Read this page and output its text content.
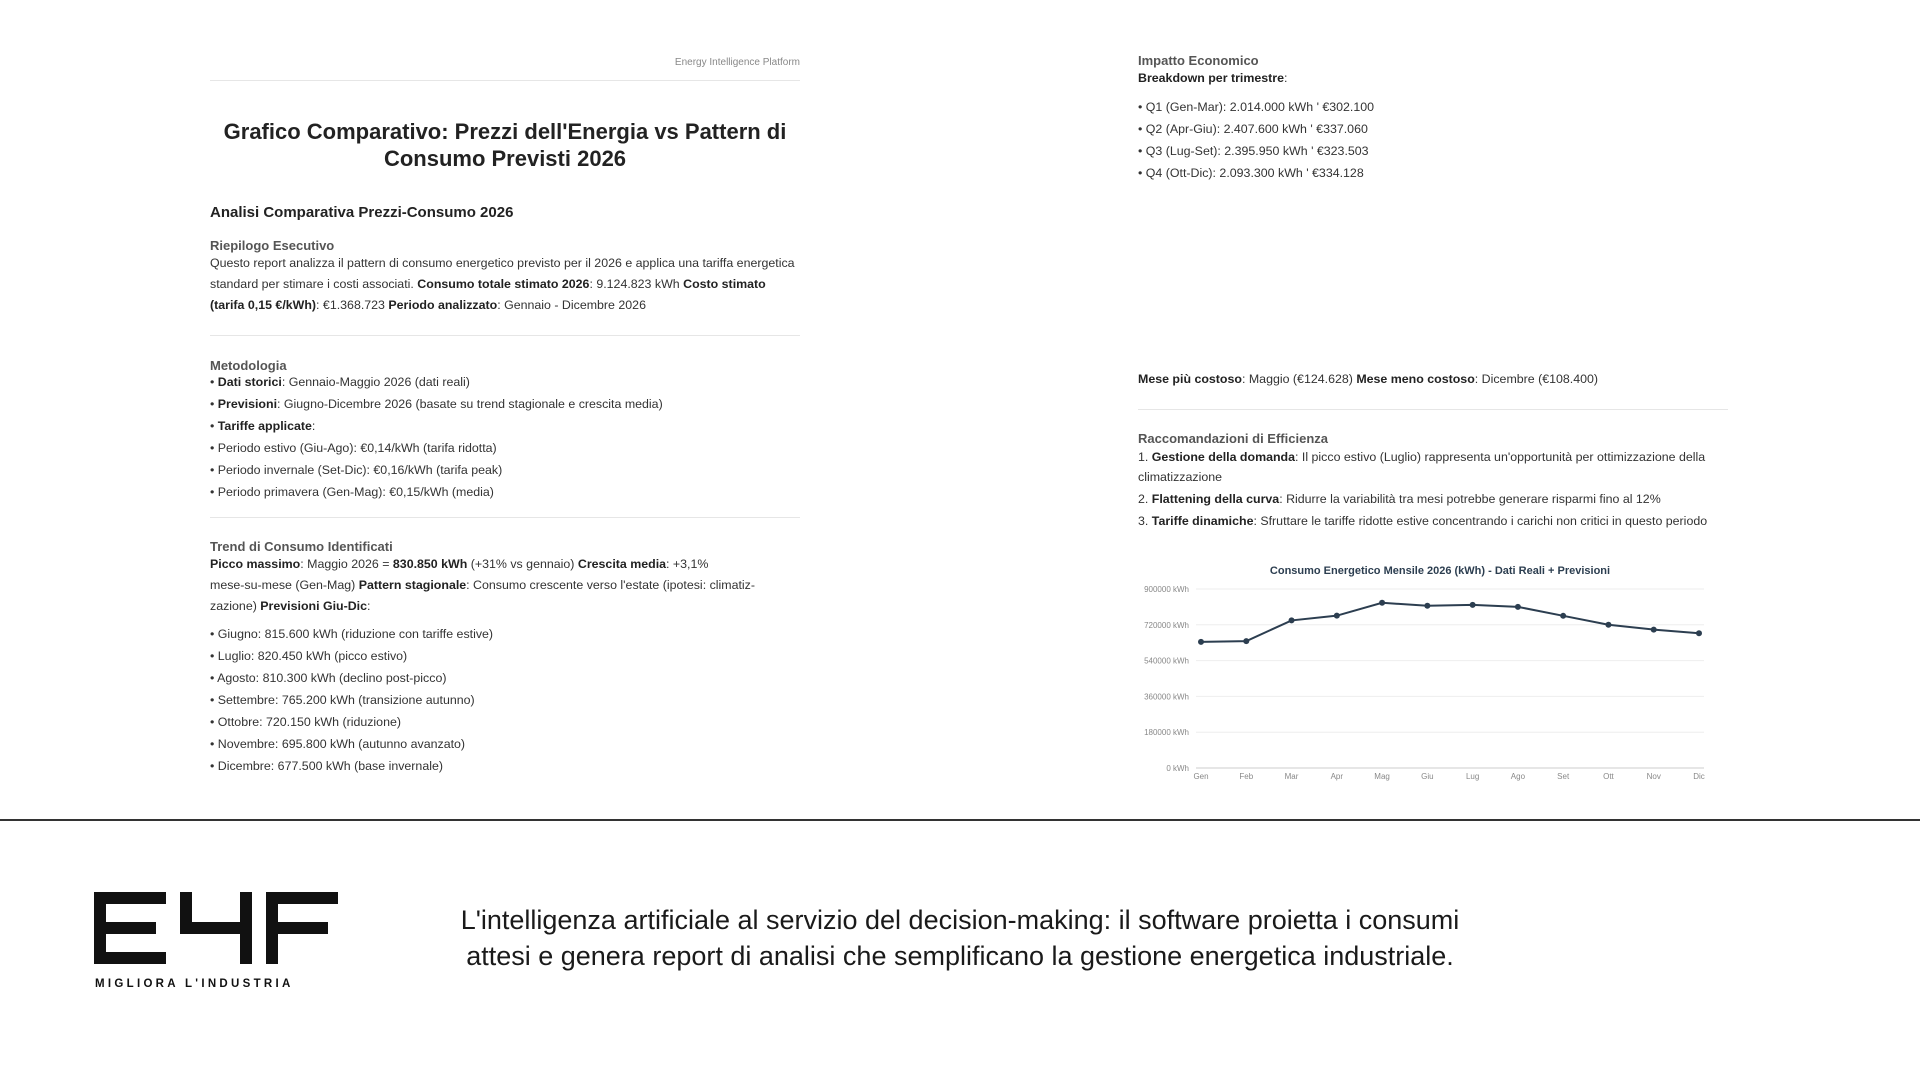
Energy Intelligence Platform
Grafico Comparativo: Prezzi dell'Energia vs Pattern di Consumo Previsti 2026
Analisi Comparativa Prezzi-Consumo 2026
Riepilogo Esecutivo
Questo report analizza il pattern di consumo energetico previsto per il 2026 e applica una tariffa energetica standard per stimare i costi associati. Consumo totale stimato 2026: 9.124.823 kWh Costo stimato (tarifa 0,15 €/kWh): €1.368.723 Periodo analizzato: Gennaio - Dicembre 2026
Metodologia
• Dati storici: Gennaio-Maggio 2026 (dati reali)
• Previsioni: Giugno-Dicembre 2026 (basate su trend stagionale e crescita media)
• Tariffe applicate:
• Periodo estivo (Giu-Ago): €0,14/kWh (tarifa ridotta)
• Periodo invernale (Set-Dic): €0,16/kWh (tarifa peak)
• Periodo primavera (Gen-Mag): €0,15/kWh (media)
Trend di Consumo Identificati
Picco massimo: Maggio 2026 = 830.850 kWh (+31% vs gennaio) Crescita media: +3,1%
mese-su-mese (Gen-Mag) Pattern stagionale: Consumo crescente verso l'estate (ipotesi: climatiz-
zazione) Previsioni Giu-Dic:
• Giugno: 815.600 kWh (riduzione con tariffe estive)
• Luglio: 820.450 kWh (picco estivo)
• Agosto: 810.300 kWh (declino post-picco)
• Settembre: 765.200 kWh (transizione autunno)
• Ottobre: 720.150 kWh (riduzione)
• Novembre: 695.800 kWh (autunno avanzato)
• Dicembre: 677.500 kWh (base invernale)
Impatto Economico
Breakdown per trimestre:
• Q1 (Gen-Mar): 2.014.000 kWh ' €302.100
• Q2 (Apr-Giu): 2.407.600 kWh ' €337.060
• Q3 (Lug-Set): 2.395.950 kWh ' €323.503
• Q4 (Ott-Dic): 2.093.300 kWh ' €334.128
Mese più costoso: Maggio (€124.628) Mese meno costoso: Dicembre (€108.400)
Raccomandazioni di Efficienza
1. Gestione della domanda: Il picco estivo (Luglio) rappresenta un'opportunità per ottimizzazione della
climatizzazione
2. Flattening della curva: Ridurre la variabilità tra mesi potrebbe generare risparmi fino al 12%
3. Tariffe dinamiche: Sfruttare le tariffe ridotte estive concentrando i carichi non critici in questo periodo
Consumo Energetico Mensile 2026 (kWh) - Dati Reali + Previsioni
0 kWh
180000 kWh
360000 kWh
540000 kWh
720000 kWh
900000 kWh
Gen	Feb	Mar	Apr	Mag	Giu	Lug	Ago	Set	Ott	Nov	Dic
MIGLIORA L'INDUSTRIA
L'intelligenza artificiale al servizio del decision-making: il software proietta i consumi
attesi e genera report di analisi che semplificano la gestione energetica industriale.
